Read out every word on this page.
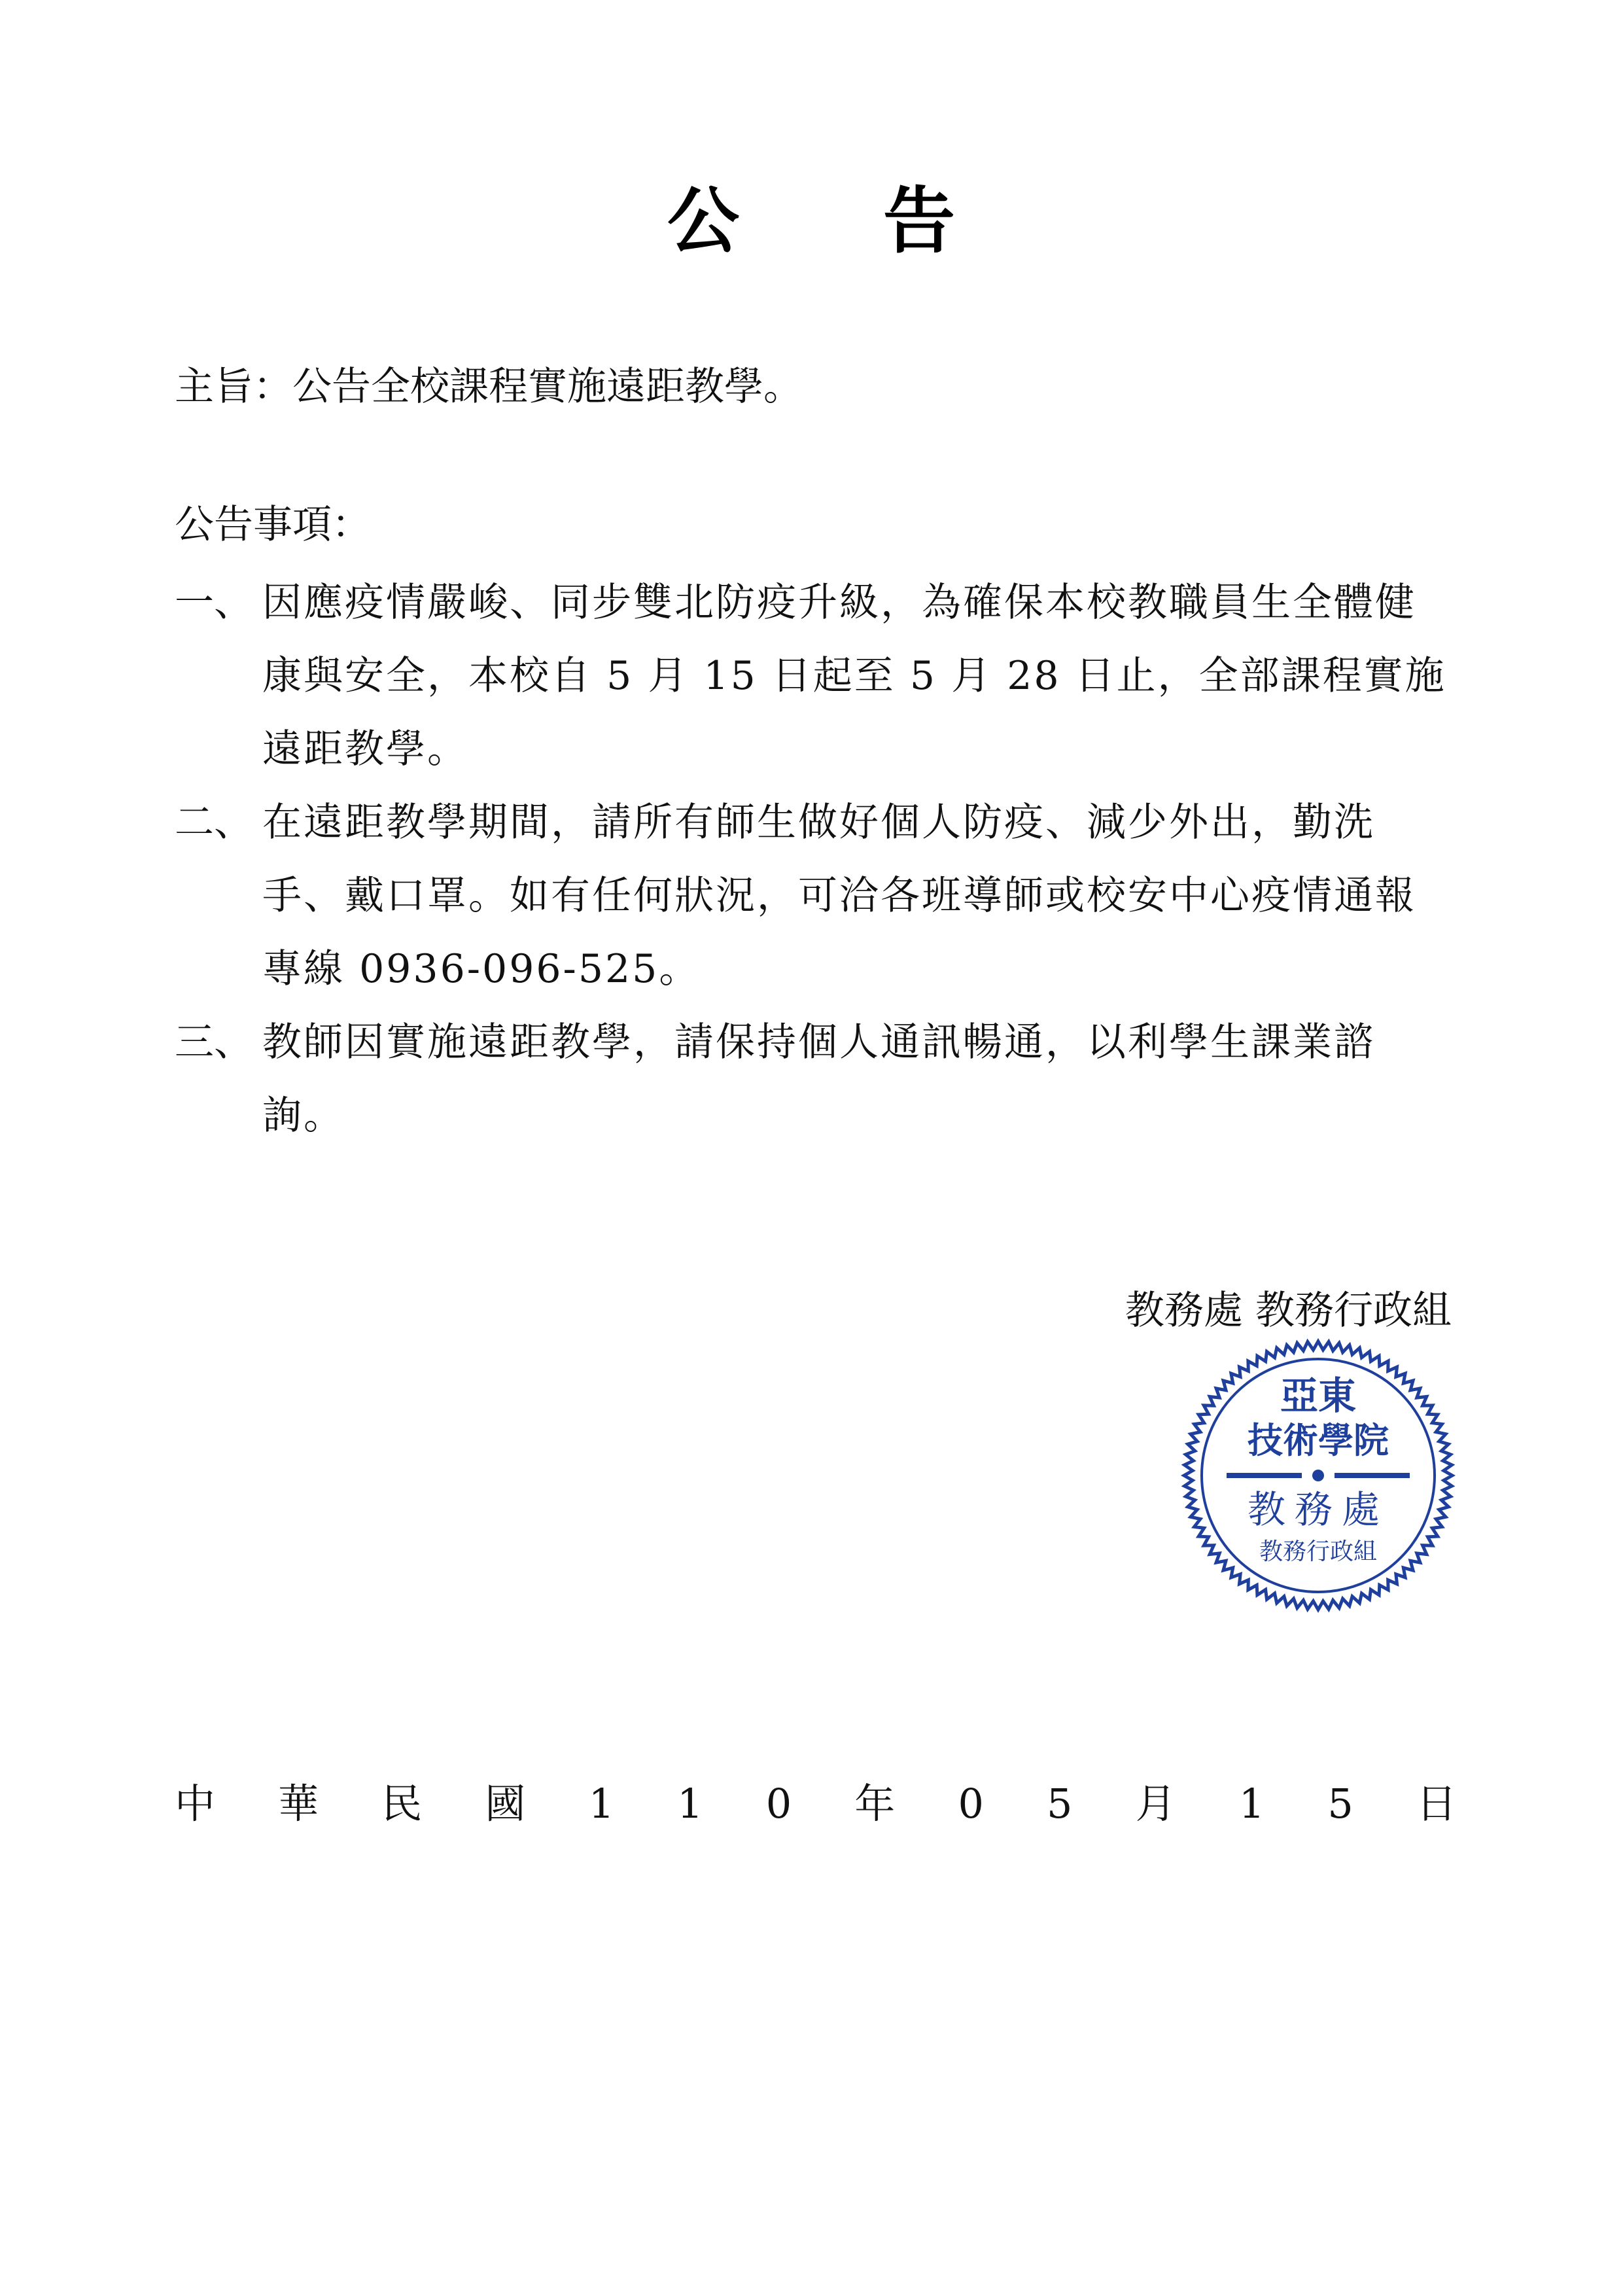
公　　告
主旨：公告全校課程實施遠距教學。
公告事項：
一、 因應疫情嚴峻、同步雙北防疫升級，為確保本校教職員生全體健康與安全，本校自 5 月 15 日起至 5 月 28 日止，全部課程實施遠距教學。
二、 在遠距教學期間，請所有師生做好個人防疫、減少外出，勤洗手、戴口罩。如有任何狀況，可洽各班導師或校安中心疫情通報專線 0936-096-525。
三、 教師因實施遠距教學，請保持個人通訊暢通，以利學生課業諮詢。
教務處 教務行政組
亞東
技術學院
教務處
教務行政組
中 華 民 國 1 1 0 年 0 5 月 1 5 日
